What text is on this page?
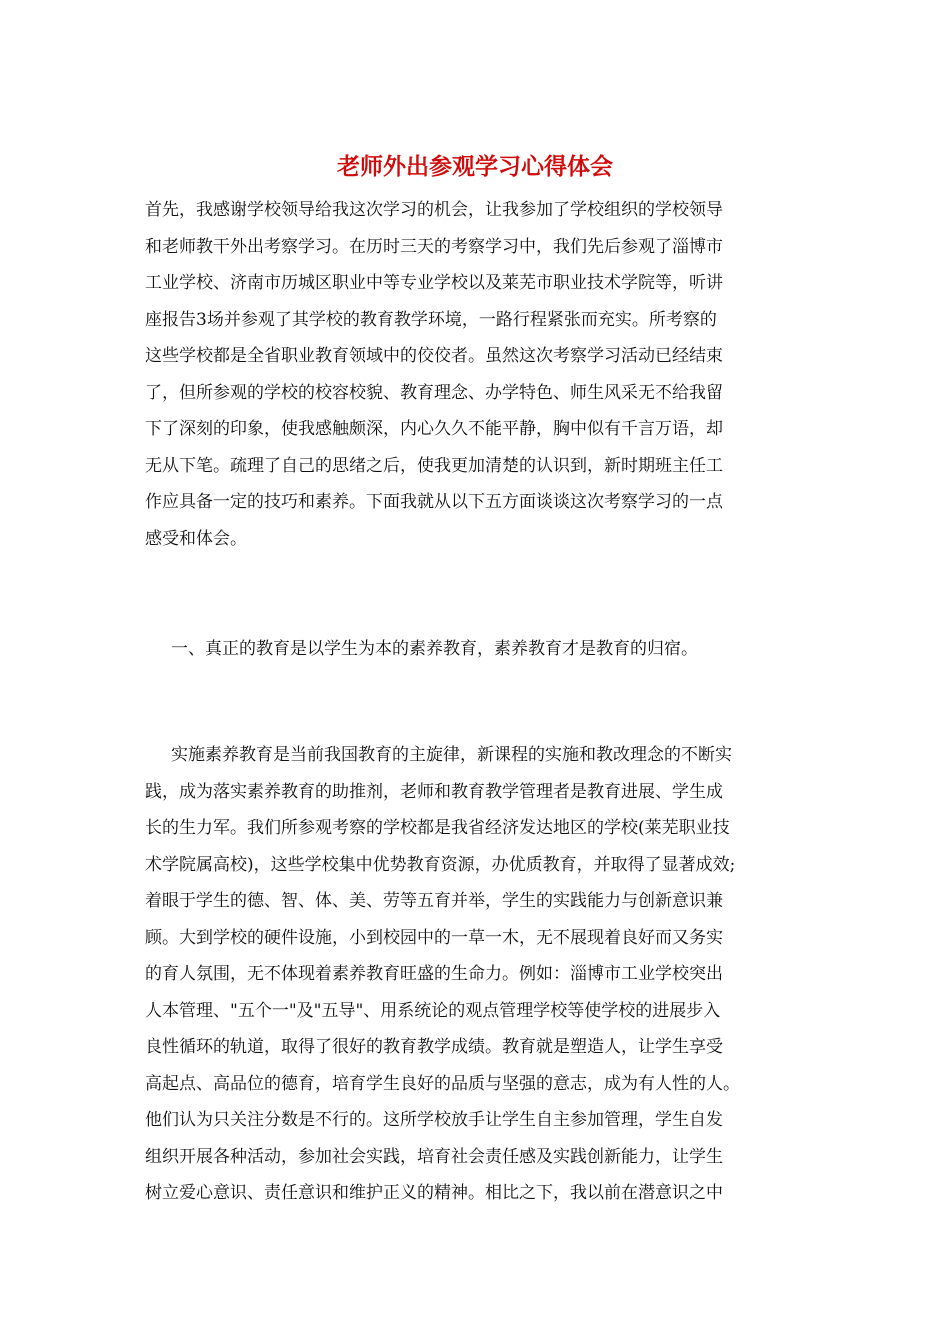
老师外出参观学习心得体会
首先，我感谢学校领导给我这次学习的机会，让我参加了学校组织的学校领导
和老师教干外出考察学习。在历时三天的考察学习中，我们先后参观了淄博市
工业学校、济南市历城区职业中等专业学校以及莱芜市职业技术学院等，听讲
座报告3场并参观了其学校的教育教学环境，一路行程紧张而充实。所考察的
这些学校都是全省职业教育领域中的佼佼者。虽然这次考察学习活动已经结束
了，但所参观的学校的校容校貌、教育理念、办学特色、师生风采无不给我留
下了深刻的印象，使我感触颇深，内心久久不能平静，胸中似有千言万语，却
无从下笔。疏理了自己的思绪之后，使我更加清楚的认识到，新时期班主任工
作应具备一定的技巧和素养。下面我就从以下五方面谈谈这次考察学习的一点
感受和体会。
一、真正的教育是以学生为本的素养教育，素养教育才是教育的归宿。
实施素养教育是当前我国教育的主旋律，新课程的实施和教改理念的不断实
践，成为落实素养教育的助推剂，老师和教育教学管理者是教育进展、学生成
长的生力军。我们所参观考察的学校都是我省经济发达地区的学校(莱芜职业技
术学院属高校)，这些学校集中优势教育资源，办优质教育，并取得了显著成效;
着眼于学生的德、智、体、美、劳等五育并举，学生的实践能力与创新意识兼
顾。大到学校的硬件设施，小到校园中的一草一木，无不展现着良好而又务实
的育人氛围，无不体现着素养教育旺盛的生命力。例如：淄博市工业学校突出
人本管理、"五个一"及"五导"、用系统论的观点管理学校等使学校的进展步入
良性循环的轨道，取得了很好的教育教学成绩。教育就是塑造人，让学生享受
高起点、高品位的德育，培育学生良好的品质与坚强的意志，成为有人性的人。
他们认为只关注分数是不行的。这所学校放手让学生自主参加管理，学生自发
组织开展各种活动，参加社会实践，培育社会责任感及实践创新能力，让学生
树立爱心意识、责任意识和维护正义的精神。相比之下，我以前在潜意识之中
